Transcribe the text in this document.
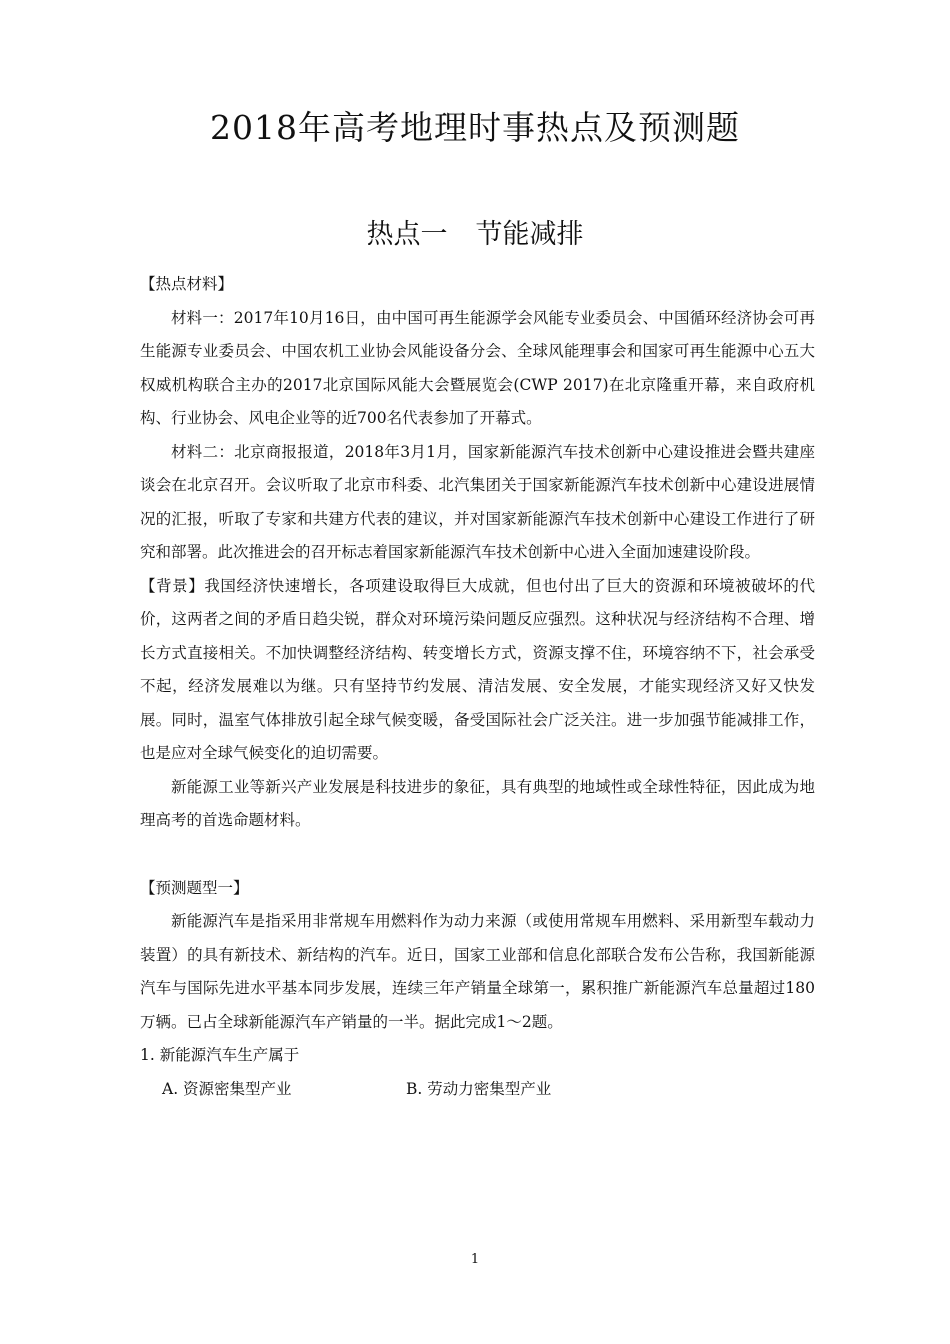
2018年高考地理时事热点及预测题
热点一 节能减排

【热点材料】

材料一：2017年10月16日，由中国可再生能源学会风能专业委员会、中国循环经济协会可再生能源专业委员会、中国农机工业协会风能设备分会、全球风能理事会和国家可再生能源中心五大权威机构联合主办的2017北京国际风能大会暨展览会(CWP 2017)在北京隆重开幕，来自政府机构、行业协会、风电企业等的近700名代表参加了开幕式。

材料二：北京商报报道，2018年3月1月，国家新能源汽车技术创新中心建设推进会暨共建座谈会在北京召开。会议听取了北京市科委、北汽集团关于国家新能源汽车技术创新中心建设进展情况的汇报，听取了专家和共建方代表的建议，并对国家新能源汽车技术创新中心建设工作进行了研究和部署。此次推进会的召开标志着国家新能源汽车技术创新中心进入全面加速建设阶段。

【背景】我国经济快速增长，各项建设取得巨大成就，但也付出了巨大的资源和环境被破坏的代价，这两者之间的矛盾日趋尖锐，群众对环境污染问题反应强烈。这种状况与经济结构不合理、增长方式直接相关。不加快调整经济结构、转变增长方式，资源支撑不住，环境容纳不下，社会承受不起，经济发展难以为继。只有坚持节约发展、清洁发展、安全发展，才能实现经济又好又快发展。同时，温室气体排放引起全球气候变暖，备受国际社会广泛关注。进一步加强节能减排工作，也是应对全球气候变化的迫切需要。

新能源工业等新兴产业发展是科技进步的象征，具有典型的地域性或全球性特征，因此成为地理高考的首选命题材料。

【预测题型一】

新能源汽车是指采用非常规车用燃料作为动力来源（或使用常规车用燃料、采用新型车载动力装置）的具有新技术、新结构的汽车。近日，国家工业部和信息化部联合发布公告称，我国新能源汽车与国际先进水平基本同步发展，连续三年产销量全球第一，累积推广新能源汽车总量超过180万辆。已占全球新能源汽车产销量的一半。据此完成1～2题。

1. 新能源汽车生产属于

A. 资源密集型产业	B. 劳动力密集型产业
1
